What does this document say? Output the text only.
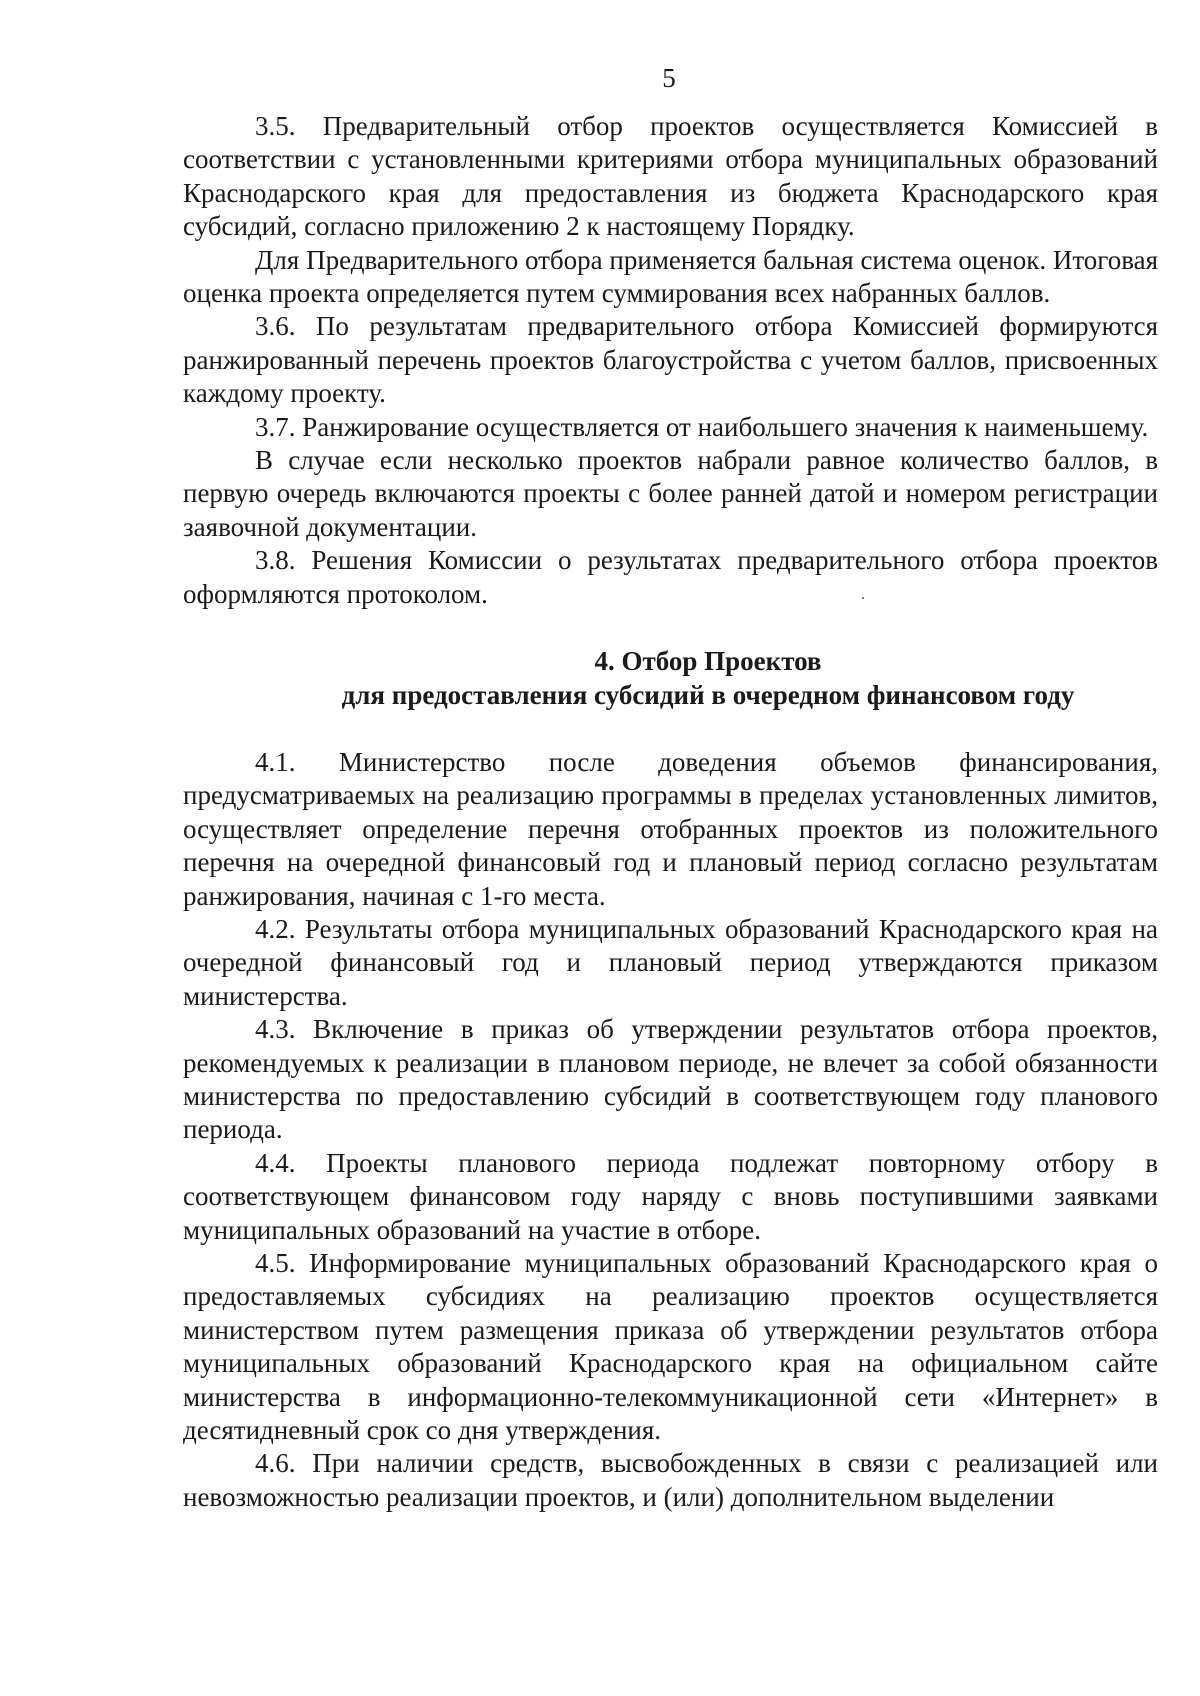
5

3.5. Предварительный отбор проектов осуществляется Комиссией в соответствии с установленными критериями отбора муниципальных образований Краснодарского края для предоставления из бюджета Краснодарского края субсидий, согласно приложению 2 к настоящему Порядку.

Для Предварительного отбора применяется бальная система оценок. Итоговая оценка проекта определяется путем суммирования всех набранных баллов.

3.6. По результатам предварительного отбора Комиссией формируются ранжированный перечень проектов благоустройства с учетом баллов, присвоенных каждому проекту.

3.7. Ранжирование осуществляется от наибольшего значения к наименьшему.

В случае если несколько проектов набрали равное количество баллов, в первую очередь включаются проекты с более ранней датой и номером регистрации заявочной документации.

3.8. Решения Комиссии о результатах предварительного отбора проектов оформляются протоколом.

4. Отбор Проектов

для предоставления субсидий в очередном финансовом году

4.1. Министерство после доведения объемов финансирования, предусматриваемых на реализацию программы в пределах установленных лимитов, осуществляет определение перечня отобранных проектов из положительного перечня на очередной финансовый год и плановый период согласно результатам ранжирования, начиная с 1-го места.

4.2. Результаты отбора муниципальных образований Краснодарского края на очередной финансовый год и плановый период утверждаются приказом министерства.

4.3. Включение в приказ об утверждении результатов отбора проектов, рекомендуемых к реализации в плановом периоде, не влечет за собой обязанности министерства по предоставлению субсидий в соответствующем году планового периода.

4.4. Проекты планового периода подлежат повторному отбору в соответствующем финансовом году наряду с вновь поступившими заявками муниципальных образований на участие в отборе.

4.5. Информирование муниципальных образований Краснодарского края о предоставляемых субсидиях на реализацию проектов осуществляется министерством путем размещения приказа об утверждении результатов отбора муниципальных образований Краснодарского края на официальном сайте министерства в информационно-телекоммуникационной сети «Интернет» в десятидневный срок со дня утверждения.

4.6. При наличии средств, высвобожденных в связи с реализацией или невозможностью реализации проектов, и (или) дополнительном выделении
